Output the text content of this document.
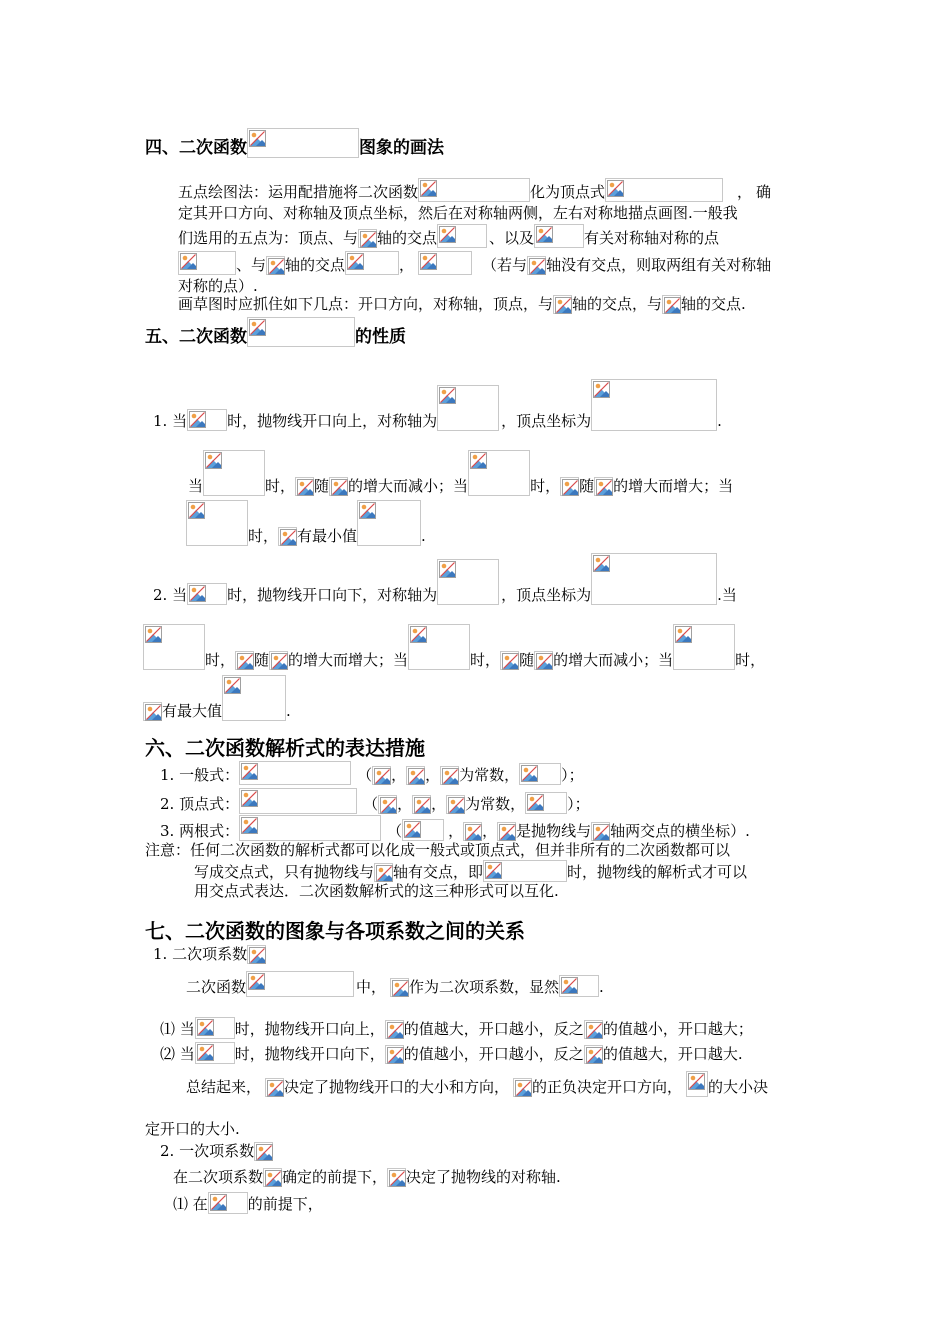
四、二次函数	图象的画法
五点绘图法：运用配措施将二次函数	化为顶点式	，确
定其开口方向、对称轴及顶点坐标，然后在对称轴两侧，左右对称地描点画图.一般我
们选用的五点为：顶点、与 轴的交点	、以及	有关对称轴对称的点
、与 轴的交点	，	（若与 轴没有交点，则取两组有关对称轴
对称的点）.
画草图时应抓住如下几点：开口方向，对称轴，顶点，与 轴的交点，与 轴的交点.
五、二次函数	的性质
1. 当	时，抛物线开口向上，对称轴为	，顶点坐标为	.
当	时， 随 的增大而减小；当	时， 随 的增大而增大；当
时， 有最小值	.
2. 当	时，抛物线开口向下，对称轴为	，顶点坐标为	.当
时， 随 的增大而增大；当	时， 随 的增大而减小；当	时，
有最大值	.
六、二次函数解析式的表达措施
1. 一般式：	（ ， ， 为常数，	）；
2. 顶点式：	（ ， ， 为常数，	）；
3. 两根式：	（	， ， 是抛物线与 轴两交点的横坐标）.
注意：任何二次函数的解析式都可以化成一般式或顶点式，但并非所有的二次函数都可以
写成交点式，只有抛物线与 轴有交点，即	时，抛物线的解析式才可以
用交点式表达．二次函数解析式的这三种形式可以互化.
七、二次函数的图象与各项系数之间的关系
1. 二次项系数
二次函数	中， 作为二次项系数，显然	.
⑴ 当	时，抛物线开口向上， 的值越大，开口越小，反之 的值越小，开口越大；
⑵ 当	时，抛物线开口向下， 的值越小，开口越小，反之 的值越大，开口越大.
总结起来， 决定了抛物线开口的大小和方向， 的正负决定开口方向， 的大小决
定开口的大小.
2. 一次项系数
在二次项系数 确定的前提下， 决定了抛物线的对称轴.
⑴ 在	的前提下，
